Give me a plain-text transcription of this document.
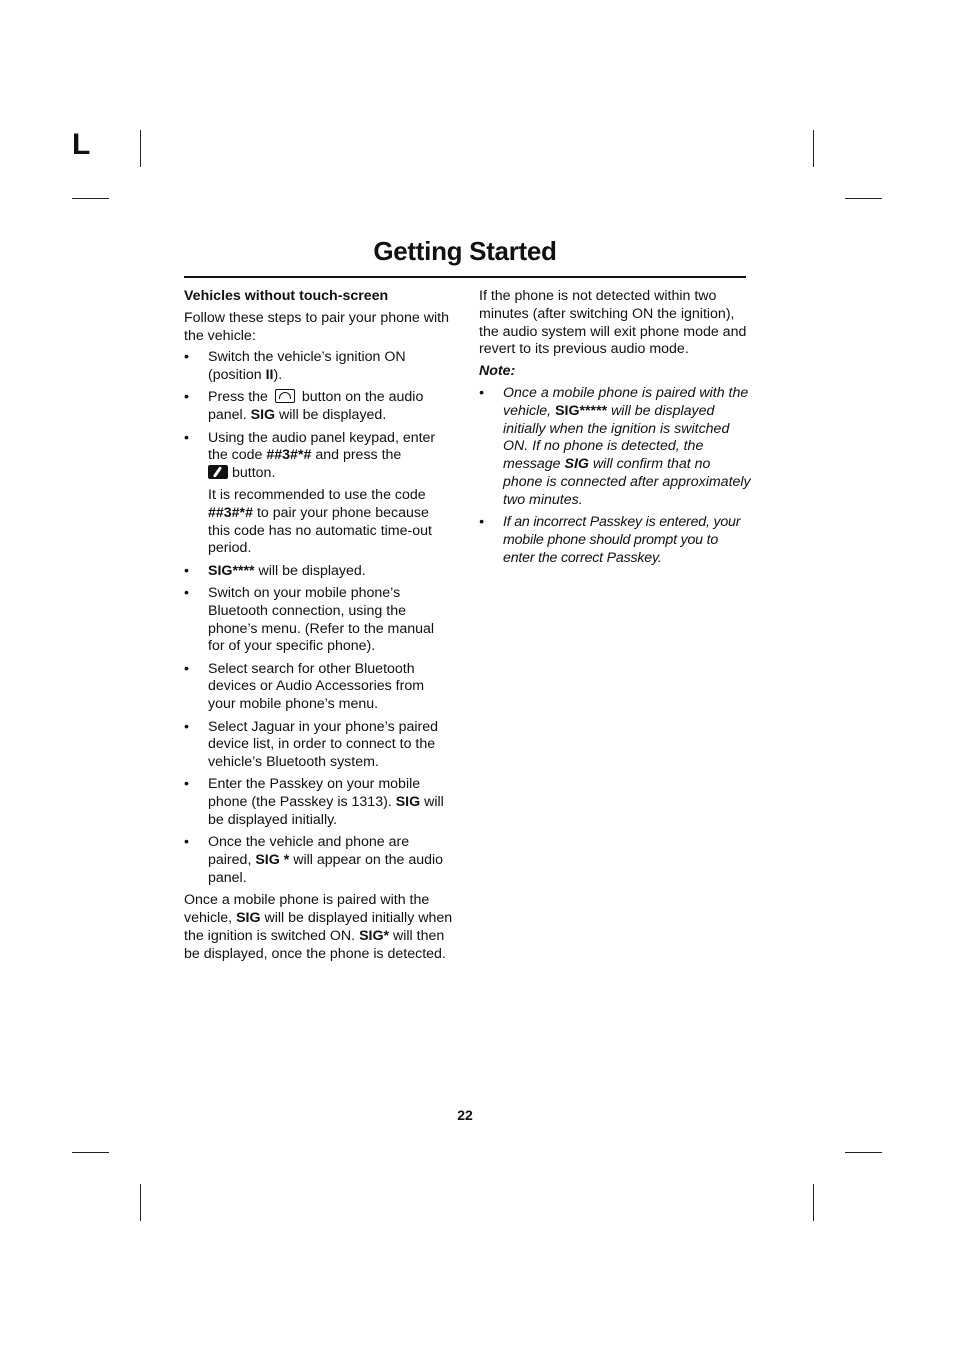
L
Getting Started
Vehicles without touch-screen

Follow these steps to pair your phone with the vehicle:

• Switch the vehicle’s ignition ON (position II).
• Press the button on the audio panel. SIG will be displayed.
• Using the audio panel keypad, enter the code ##3#*# and press the
button.
It is recommended to use the code ##3#*# to pair your phone because this code has no automatic time-out period.
• SIG**** will be displayed.
• Switch on your mobile phone’s Bluetooth connection, using the phone’s menu. (Refer to the manual for of your specific phone).
• Select search for other Bluetooth devices or Audio Accessories from your mobile phone’s menu.
• Select Jaguar in your phone’s paired device list, in order to connect to the vehicle’s Bluetooth system.
• Enter the Passkey on your mobile phone (the Passkey is 1313). SIG will be displayed initially.
• Once the vehicle and phone are paired, SIG * will appear on the audio panel.

Once a mobile phone is paired with the vehicle, SIG will be displayed initially when the ignition is switched ON. SIG* will then be displayed, once the phone is detected.

If the phone is not detected within two minutes (after switching ON the ignition), the audio system will exit phone mode and revert to its previous audio mode.

Note:
• Once a mobile phone is paired with the vehicle, SIG***** will be displayed initially when the ignition is switched ON. If no phone is detected, the message SIG will confirm that no phone is connected after approximately two minutes.
• If an incorrect Passkey is entered, your mobile phone should prompt you to enter the correct Passkey.
22
